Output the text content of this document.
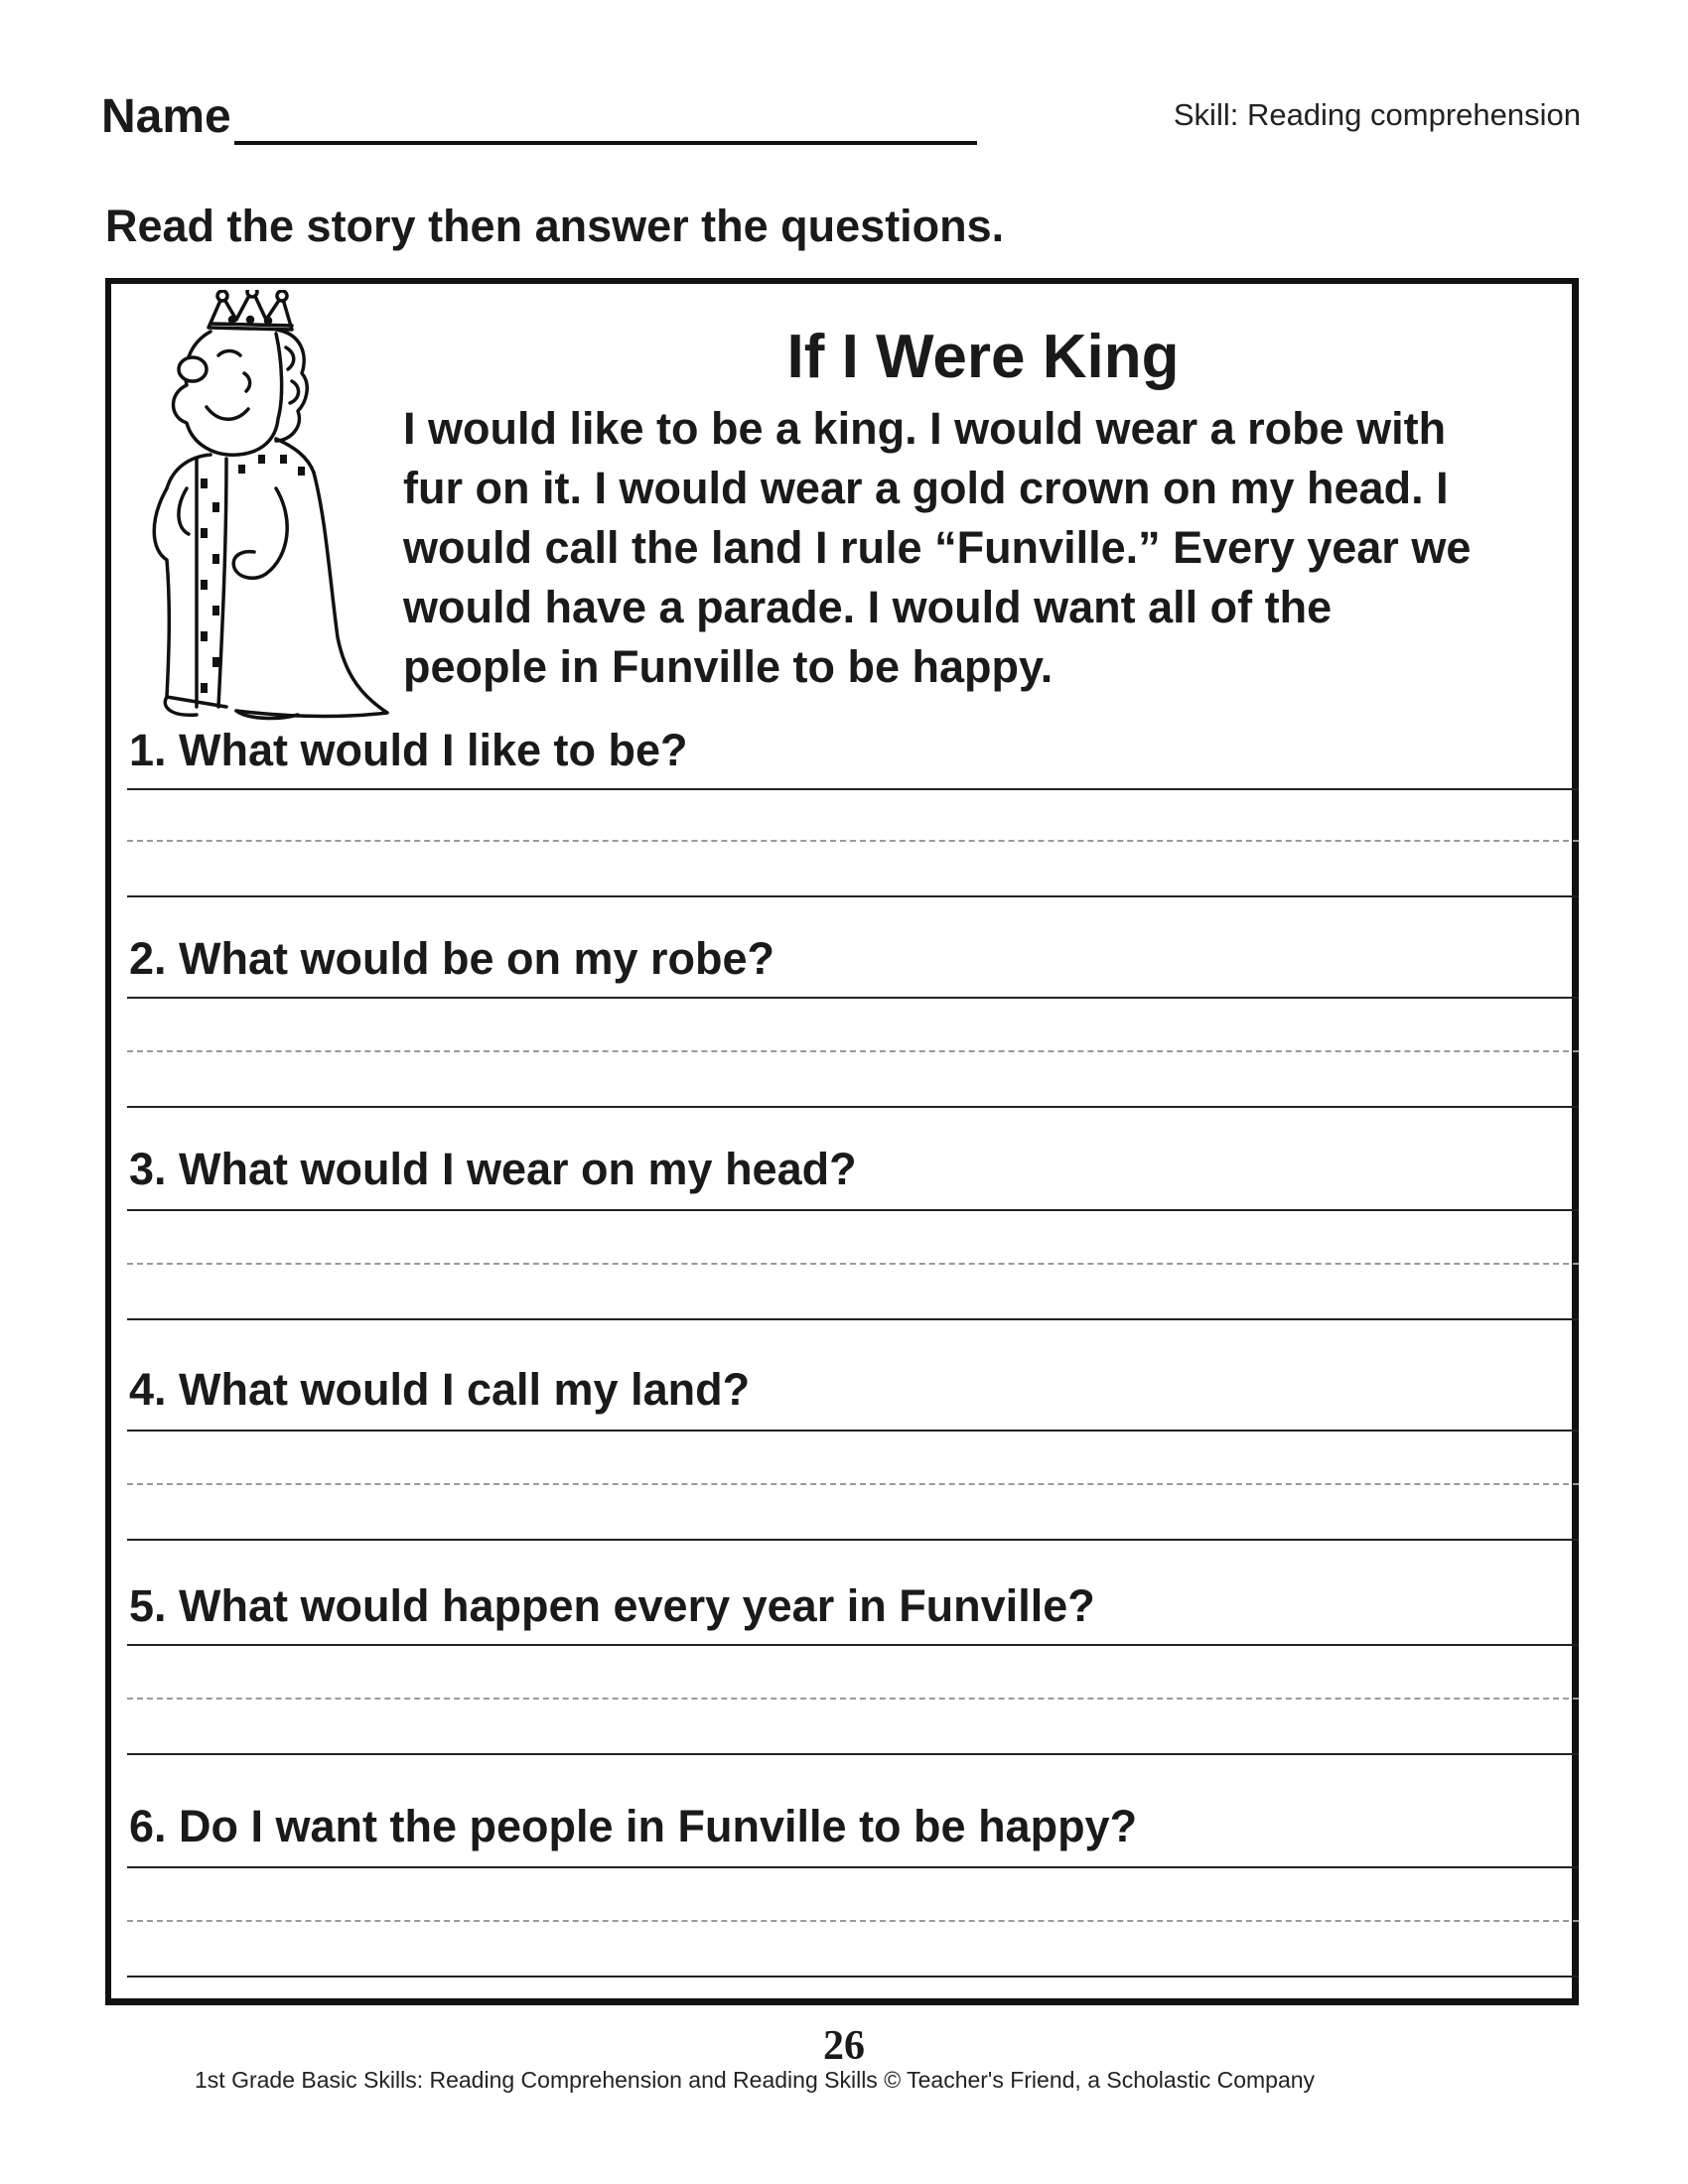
Name	Skill: Reading comprehension
Read the story then answer the questions.
If I Were King
I would like to be a king. I would wear a robe with
fur on it. I would wear a gold crown on my head. I
would call the land I rule “Funville.” Every year we
would have a parade. I would want all of the
people in Funville to be happy.
1. What would I like to be?
2. What would be on my robe?
3. What would I wear on my head?
4. What would I call my land?
5. What would happen every year in Funville?
6. Do I want the people in Funville to be happy?
26
1st Grade Basic Skills: Reading Comprehension and Reading Skills © Teacher's Friend, a Scholastic Company
